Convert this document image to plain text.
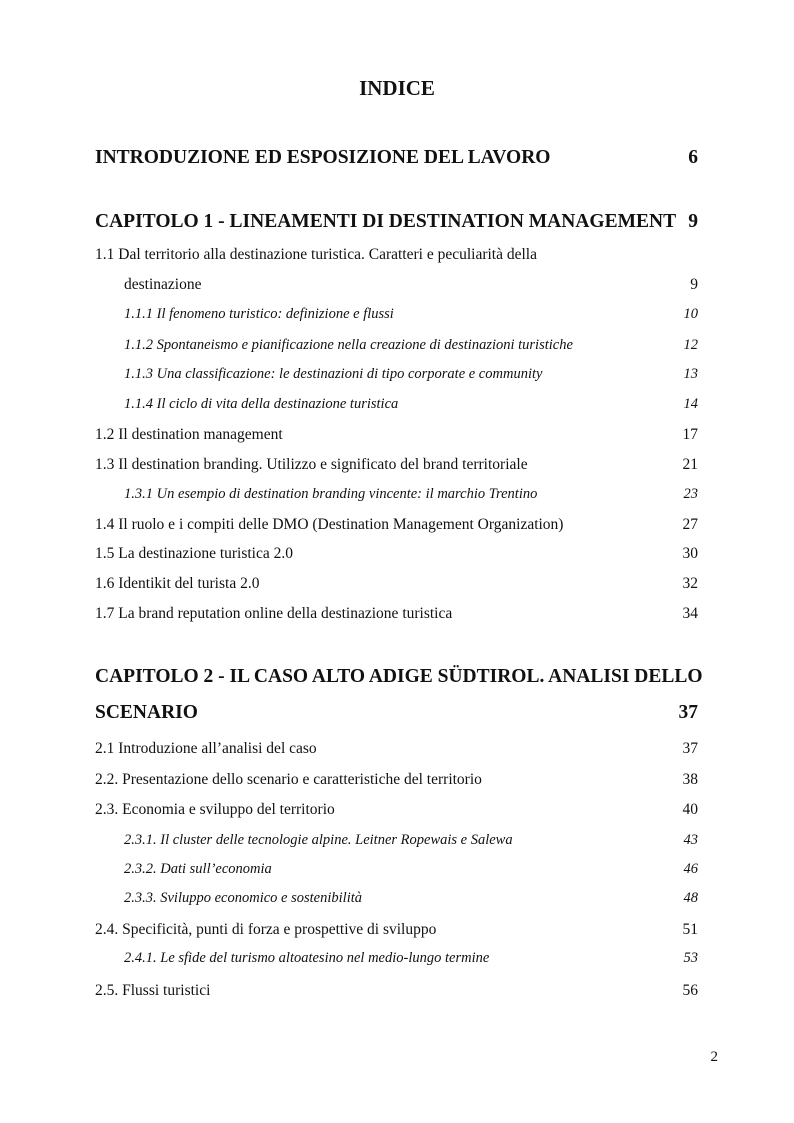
INDICE
INTRODUZIONE ED ESPOSIZIONE DEL LAVORO	6
CAPITOLO 1 - LINEAMENTI DI DESTINATION MANAGEMENT 9
1.1 Dal territorio alla destinazione turistica. Caratteri e peculiarità della
destinazione	9
1.1.1 Il fenomeno turistico: definizione e flussi	10
1.1.2 Spontaneismo e pianificazione nella creazione di destinazioni turistiche	12
1.1.3 Una classificazione: le destinazioni di tipo corporate e community	13
1.1.4 Il ciclo di vita della destinazione turistica	14
1.2 Il destination management	17
1.3 Il destination branding. Utilizzo e significato del brand territoriale	21
1.3.1 Un esempio di destination branding vincente: il marchio Trentino	23
1.4 Il ruolo e i compiti delle DMO (Destination Management Organization)	27
1.5 La destinazione turistica 2.0	30
1.6 Identikit del turista 2.0	32
1.7 La brand reputation online della destinazione turistica	34
CAPITOLO 2 - IL CASO ALTO ADIGE SÜDTIROL. ANALISI DELLO
SCENARIO	37
2.1 Introduzione all’analisi del caso	37
2.2. Presentazione dello scenario e caratteristiche del territorio	38
2.3. Economia e sviluppo del territorio	40
2.3.1. Il cluster delle tecnologie alpine. Leitner Ropewais e Salewa	43
2.3.2. Dati sull’economia	46
2.3.3. Sviluppo economico e sostenibilità	48
2.4. Specificità, punti di forza e prospettive di sviluppo	51
2.4.1. Le sfide del turismo altoatesino nel medio-lungo termine	53
2.5. Flussi turistici	56
2
